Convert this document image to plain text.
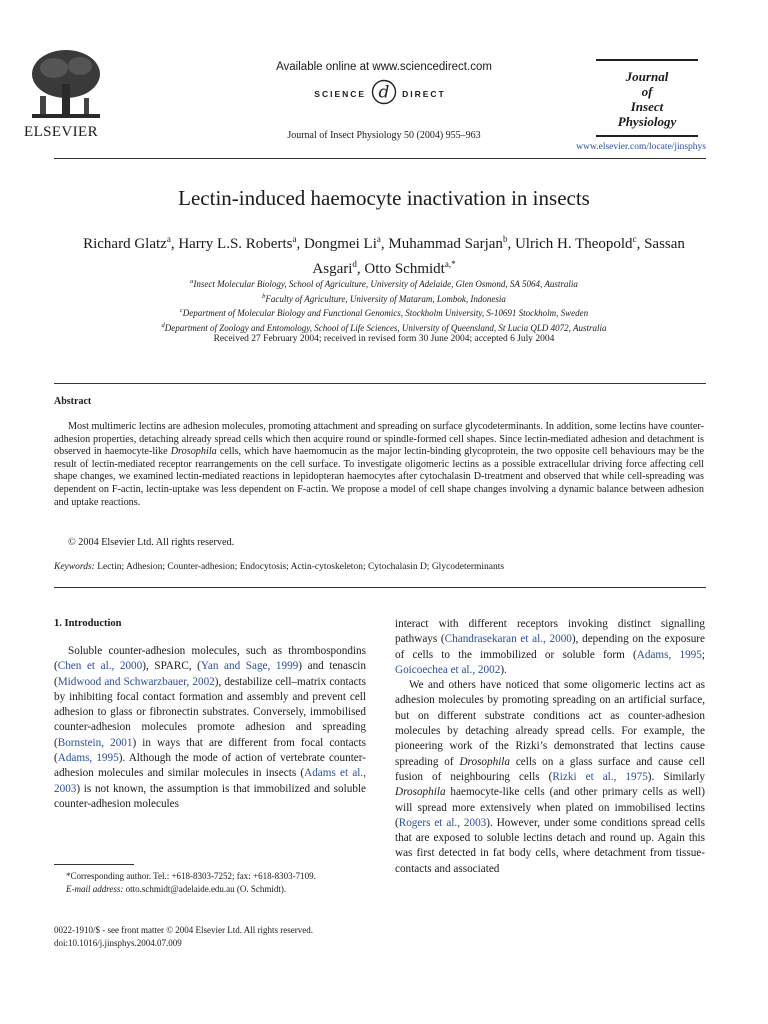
ELSEVIER
Available online at www.sciencedirect.com
SCIENCE d DIRECT
Journal of Insect Physiology 50 (2004) 955–963
Journal
of
Insect
Physiology
www.elsevier.com/locate/jinsphys
Lectin-induced haemocyte inactivation in insects
Richard Glatz$^a$, Harry L.S. Roberts$^a$, Dongmei Li$^a$, Muhammad Sarjan$^b$, Ulrich H. Theopold$^c$, Sassan Asgari$^d$, Otto Schmidt$^{a,*}$
$^a$Insect Molecular Biology, School of Agriculture, University of Adelaide, Glen Osmond, SA 5064, Australia
$^b$Faculty of Agriculture, University of Mataram, Lombok, Indonesia
$^c$Department of Molecular Biology and Functional Genomics, Stockholm University, S-10691 Stockholm, Sweden
$^d$Department of Zoology and Entomology, School of Life Sciences, University of Queensland, St Lucia QLD 4072, Australia
Received 27 February 2004; received in revised form 30 June 2004; accepted 6 July 2004
Abstract
Most multimeric lectins are adhesion molecules, promoting attachment and spreading on surface glycodeterminants. In addition, some lectins have counter-adhesion properties, detaching already spread cells which then acquire round or spindle-formed cell shapes. Since lectin-mediated adhesion and detachment is observed in haemocyte-like Drosophila cells, which have haemomucin as the major lectin-binding glycoprotein, the two opposite cell behaviours may be the result of lectin-mediated receptor rearrangements on the cell surface. To investigate oligomeric lectins as a possible extracellular driving force affecting cell shape changes, we examined lectin-mediated reactions in lepidopteran haemocytes after cytochalasin D-treatment and observed that while cell-spreading was dependent on F-actin, lectin-uptake was less dependent on F-actin. We propose a model of cell shape changes involving a dynamic balance between adhesion and uptake reactions.
© 2004 Elsevier Ltd. All rights reserved.
Keywords: Lectin; Adhesion; Counter-adhesion; Endocytosis; Actin-cytoskeleton; Cytochalasin D; Glycodeterminants
1. Introduction
Soluble counter-adhesion molecules, such as thrombospondins (Chen et al., 2000), SPARC, (Yan and Sage, 1999) and tenascin (Midwood and Schwarzbauer, 2002), destabilize cell–matrix contacts by inhibiting focal contact formation and assembly and prevent cell adhesion to glass or fibronectin substrates. Conversely, immobilised counter-adhesion molecules promote adhesion and spreading (Bornstein, 2001) in ways that are different from focal contacts (Adams, 1995). Although the mode of action of vertebrate counter-adhesion molecules and similar molecules in insects (Adams et al., 2003) is not known, the assumption is that immobilized and soluble counter-adhesion molecules

interact with different receptors invoking distinct signalling pathways (Chandrasekaran et al., 2000), depending on the exposure of cells to the immobilized or soluble form (Adams, 1995; Goicoechea et al., 2002).

We and others have noticed that some oligomeric lectins act as adhesion molecules by promoting spreading on an artificial surface, but on different substrate conditions act as counter-adhesion molecules by detaching already spread cells. For example, the pioneering work of the Rizki’s demonstrated that lectins cause spreading of Drosophila cells on a glass surface and cause cell fusion of neighbouring cells (Rizki et al., 1975). Similarly Drosophila haemocyte-like cells (and other primary cells as well) will spread more extensively when plated on immobilised lectins (Rogers et al., 2003). However, under some conditions spread cells that are exposed to soluble lectins detach and round up. Again this was first detected in fat body cells, where detachment from tissue-contacts and associated

*Corresponding author. Tel.: +618-8303-7252; fax: +618-8303-7109.
E-mail address: otto.schmidt@adelaide.edu.au (O. Schmidt).
0022-1910/$ - see front matter © 2004 Elsevier Ltd. All rights reserved.
doi:10.1016/j.jinsphys.2004.07.009
